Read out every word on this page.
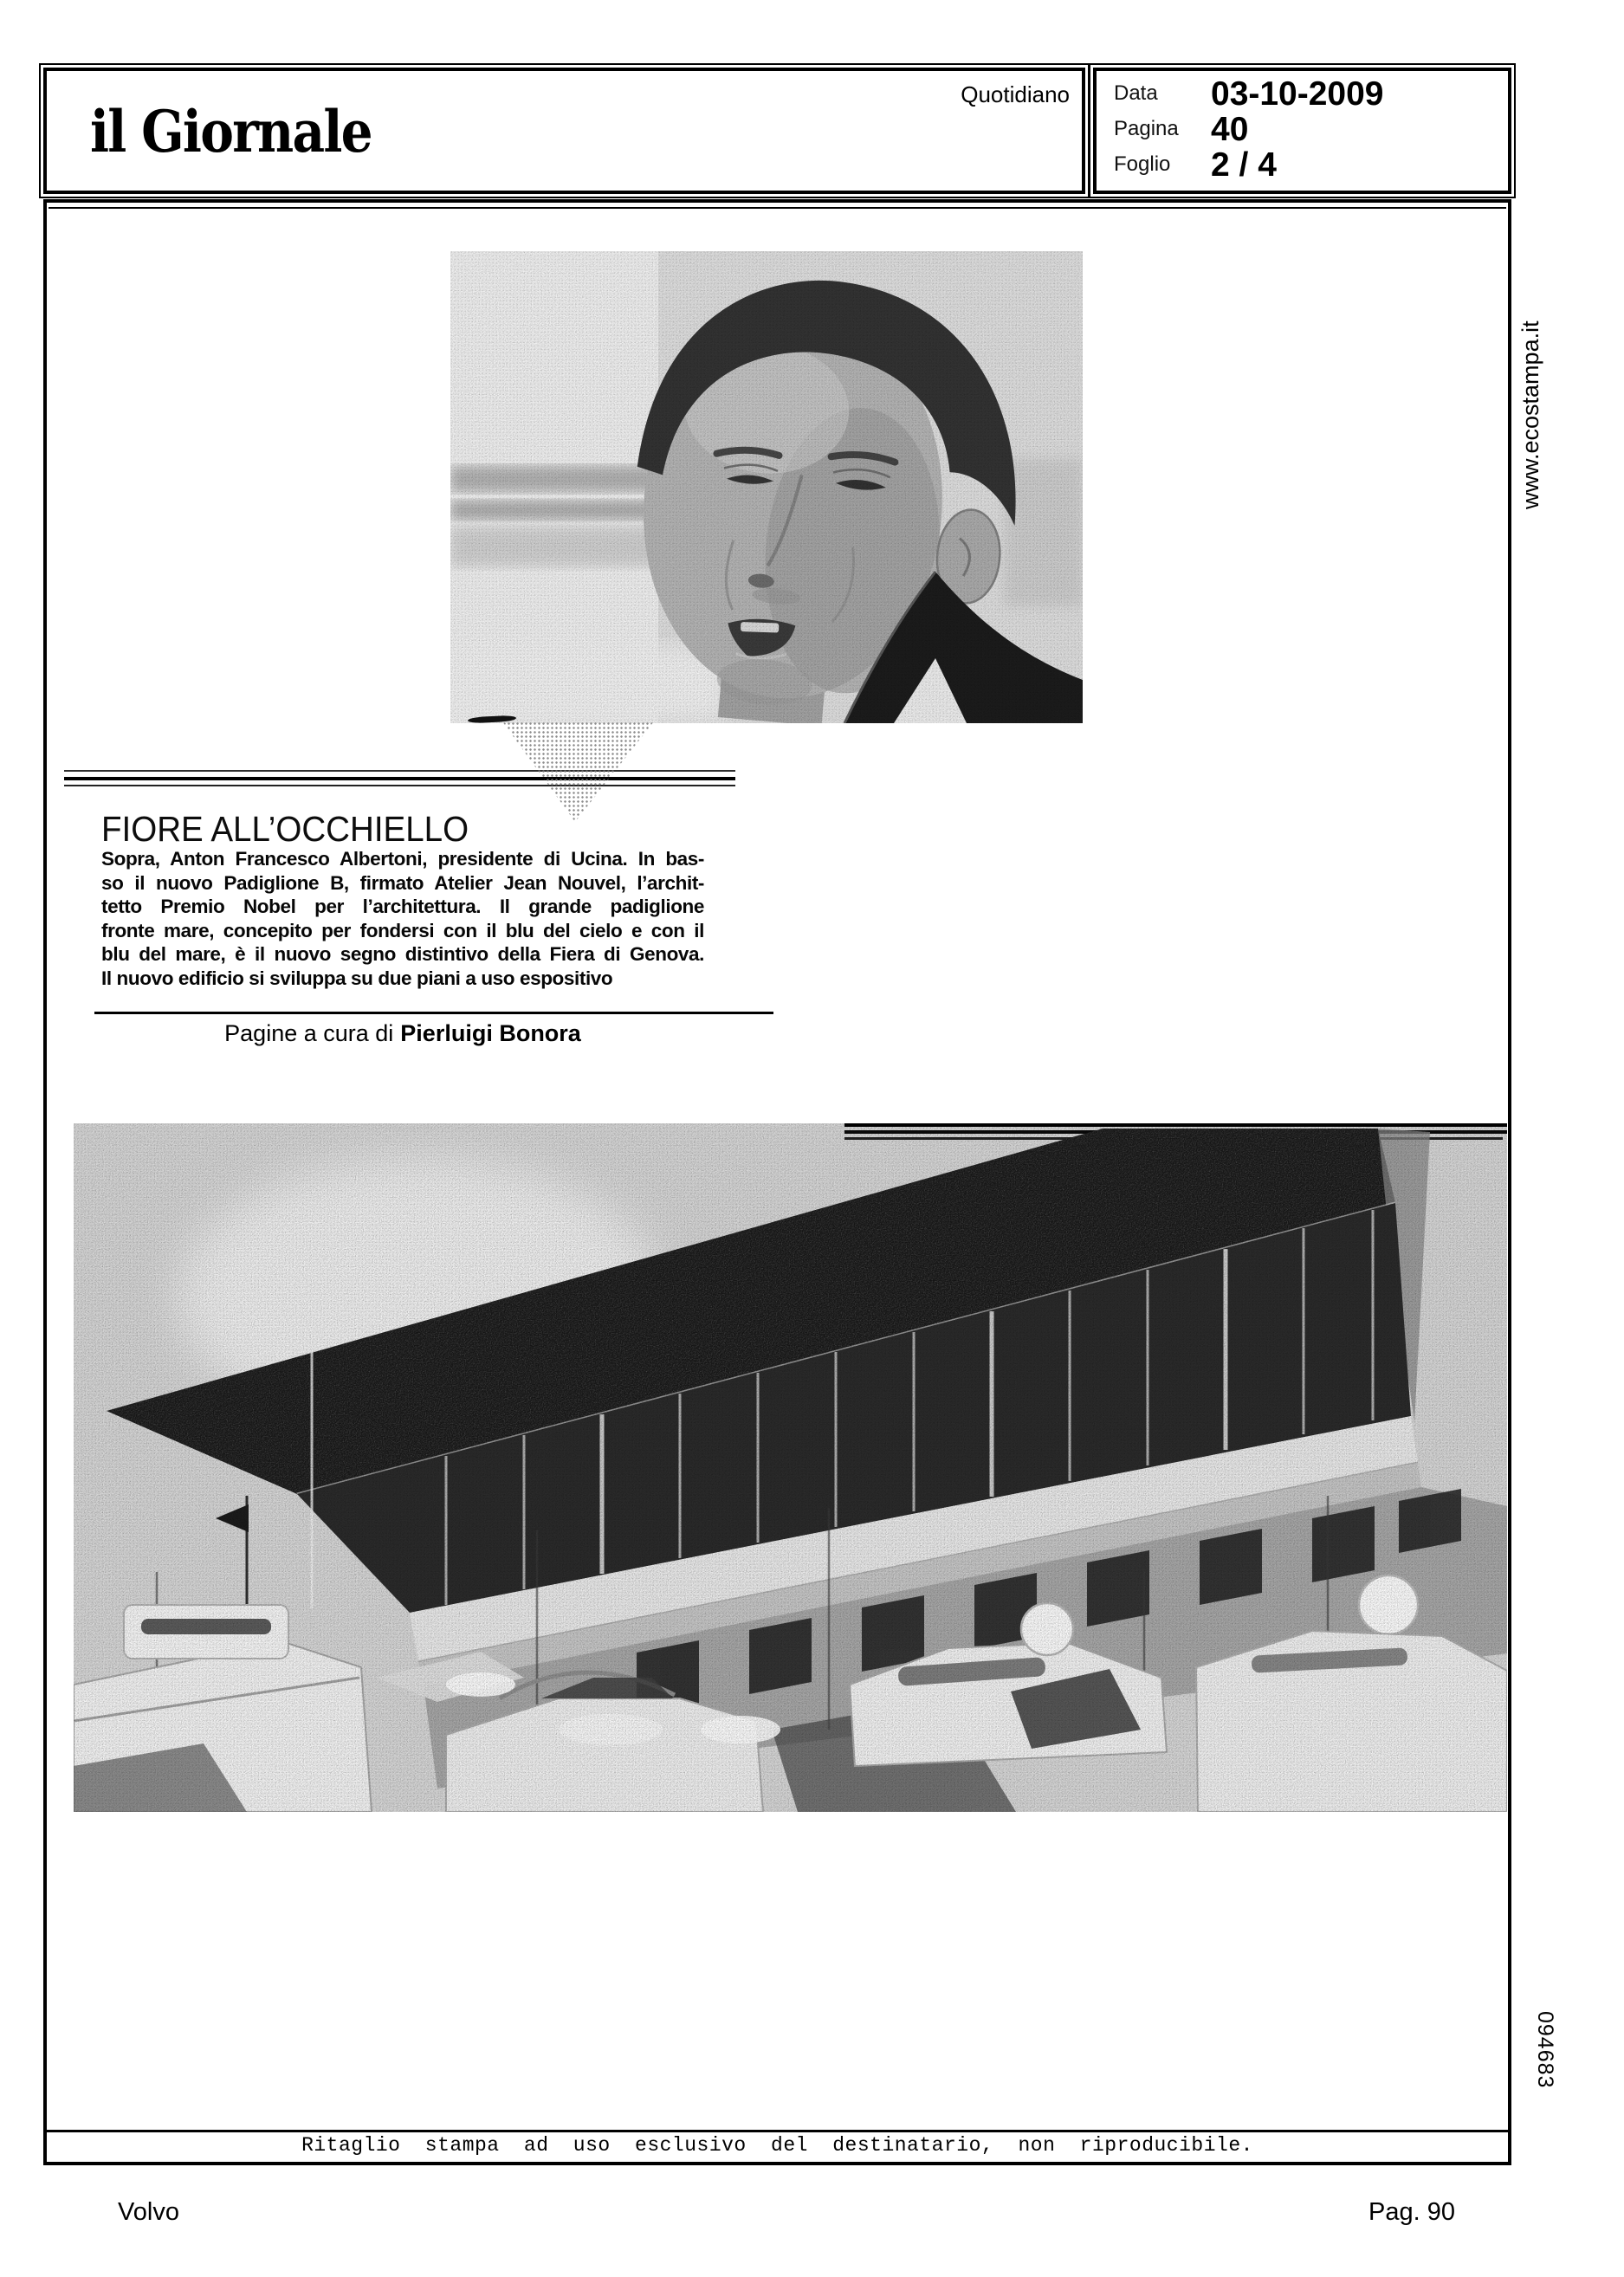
il Giornale
Quotidiano Data 03-10-2009
Pagina 40
Foglio 2 / 4
FIORE ALL’OCCHIELLO
Sopra, Anton Francesco Albertoni, presidente di Ucina. In bas-
so il nuovo Padiglione B, firmato Atelier Jean Nouvel, l’archit-
tetto Premio Nobel per l’architettura. Il grande padiglione
fronte mare, concepito per fondersi con il blu del cielo e con il
blu del mare, è il nuovo segno distintivo della Fiera di Genova.
Il nuovo edificio si sviluppa su due piani a uso espositivo
Pagine a cura di Pierluigi Bonora
Ritaglio stampa ad uso esclusivo del destinatario, non riproducibile.
www.ecostampa.it
094683
Volvo	Pag. 90
